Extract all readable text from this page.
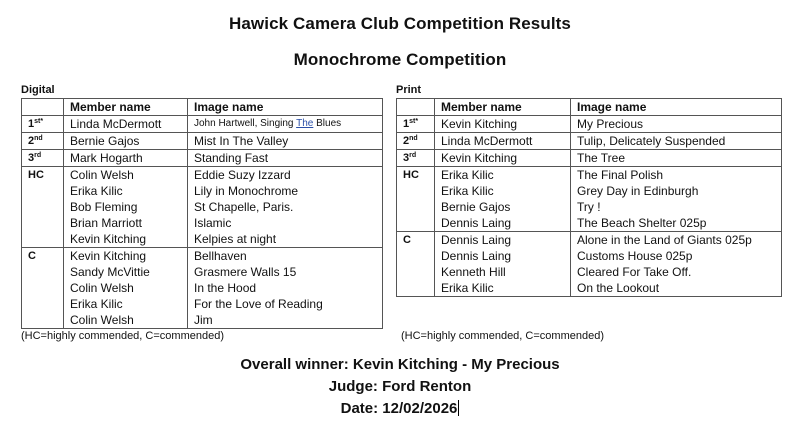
Hawick Camera Club Competition Results
Monochrome Competition
Digital
	Member name	Image name
$1^{st*}$	Linda McDermott	John Hartwell, Singing The Blues
2nd	Bernie Gajos	Mist In The Valley
3rd	Mark Hogarth	Standing Fast
HC	Colin Welsh	Eddie Suzy Izzard
	Erika Kilic	Lily in Monochrome
	Bob Fleming	St Chapelle, Paris.
	Brian Marriott	Islamic
	Kevin Kitching	Kelpies at night
C	Kevin Kitching	Bellhaven
	Sandy McVittie	Grasmere Walls 15
	Colin Welsh	In the Hood
	Erika Kilic	For the Love of Reading
	Colin Welsh	Jim
(HC=highly commended, C=commended)
Print
	Member name	Image name
$1^{st*}$	Kevin Kitching	My Precious
2nd	Linda McDermott	Tulip, Delicately Suspended
3rd	Kevin Kitching	The Tree
HC	Erika Kilic	The Final Polish
	Erika Kilic	Grey Day in Edinburgh
	Bernie Gajos	Try !
	Dennis Laing	The Beach Shelter 025p
C	Dennis Laing	Alone in the Land of Giants 025p
	Dennis Laing	Customs House 025p
	Kenneth Hill	Cleared For Take Off.
	Erika Kilic	On the Lookout
(HC=highly commended, C=commended)
Overall winner: Kevin Kitching - My Precious
Judge: Ford Renton
Date: 12/02/2026
